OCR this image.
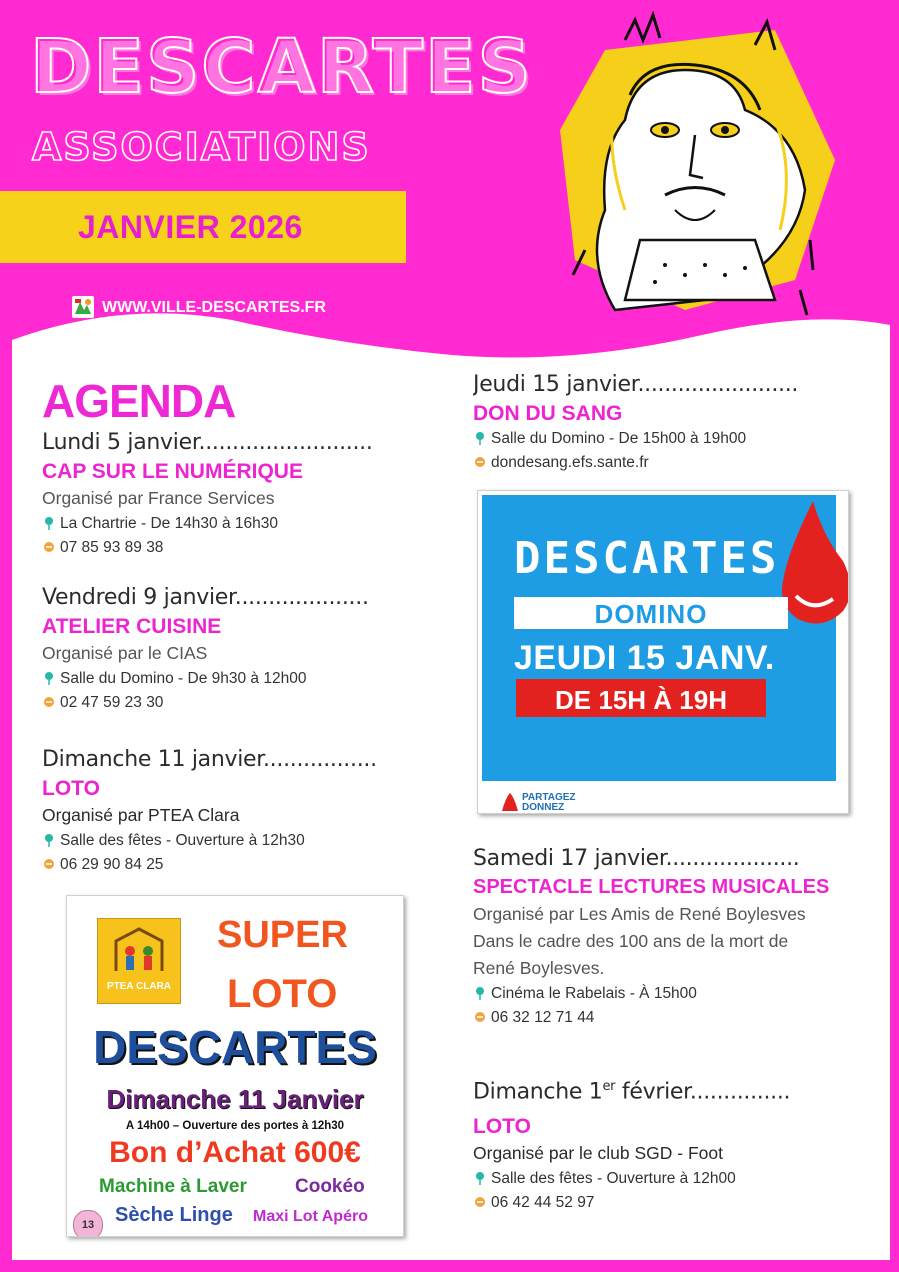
DESCARTES
ASSOCIATIONS
JANVIER 2026
WWW.VILLE-DESCARTES.FR
AGENDA
Lundi 5 janvier..........................
CAP SUR LE NUMÉRIQUE
Organisé par France Services
La Chartrie - De 14h30 à 16h30
07 85 93 89 38
Vendredi 9 janvier....................
ATELIER CUISINE
Organisé par le CIAS
Salle du Domino - De 9h30 à 12h00
02 47 59 23 30
Dimanche 11 janvier.................
LOTO
Organisé par PTEA Clara
Salle des fêtes - Ouverture à 12h30
06 29 90 84 25
Jeudi 15 janvier........................
DON DU SANG
Salle du Domino - De 15h00 à 19h00
dondesang.efs.sante.fr
DESCARTES
DOMINO
JEUDI 15 JANV.
DE 15H À 19H
PARTAGEZ
DONNEZ
Samedi 17 janvier....................
SPECTACLE LECTURES MUSICALES
Organisé par Les Amis de René Boylesves
Dans le cadre des 100 ans de la mort de
René Boylesves.
Cinéma le Rabelais - À 15h00
06 32 12 71 44
Dimanche 1er février...............
LOTO
Organisé par le club SGD - Foot
Salle des fêtes - Ouverture à 12h00
06 42 44 52 97
PTEA CLARA
SUPER
LOTO
DESCARTES
Dimanche 11 Janvier
A 14h00 – Ouverture des portes à 12h30
Bon d’Achat 600€
Machine à Laver	Cookéo
Sèche Linge Maxi Lot Apéro
13
